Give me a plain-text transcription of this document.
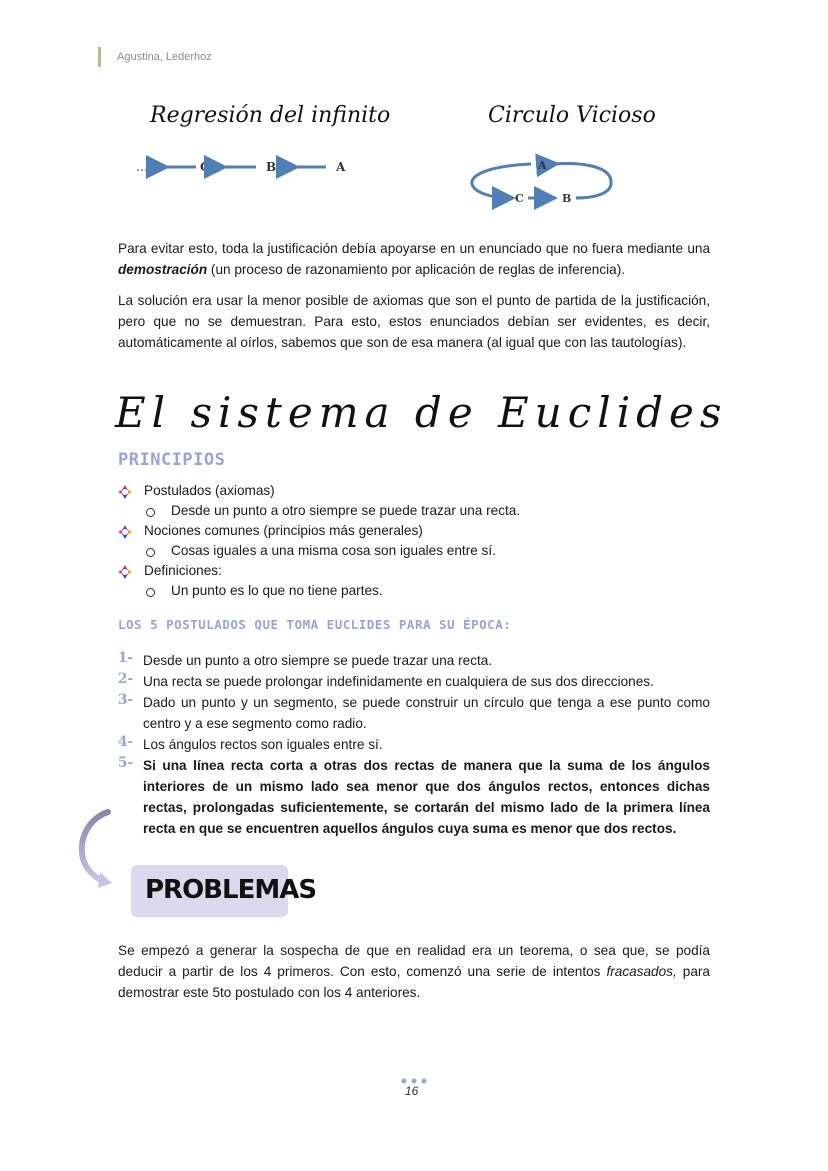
Agustina, Lederhoz
Regresión del infinito	Circulo Vicioso
…	C	B	A	A
C	B
Para evitar esto, toda la justificación debía apoyarse en un enunciado que no fuera mediante una demostración (un proceso de razonamiento por aplicación de reglas de inferencia).
La solución era usar la menor posible de axiomas que son el punto de partida de la justificación, pero que no se demuestran. Para esto, estos enunciados debían ser evidentes, es decir, automáticamente al oírlos, sabemos que son de esa manera (al igual que con las tautologías).
El sistema de Euclides
PRINCIPIOS
Postulados (axiomas)
Desde un punto a otro siempre se puede trazar una recta.
Nociones comunes (principios más generales)
Cosas iguales a una misma cosa son iguales entre sí.
Definiciones:
Un punto es lo que no tiene partes.
LOS 5 POSTULADOS QUE TOMA EUCLIDES PARA SU ÉPOCA:
1- Desde un punto a otro siempre se puede trazar una recta.
2- Una recta se puede prolongar indefinidamente en cualquiera de sus dos direcciones.
3- Dado un punto y un segmento, se puede construir un círculo que tenga a ese punto como centro y a ese segmento como radio.
4- Los ángulos rectos son iguales entre sí.
5- Si una línea recta corta a otras dos rectas de manera que la suma de los ángulos interiores de un mismo lado sea menor que dos ángulos rectos, entonces dichas rectas, prolongadas suficientemente, se cortarán del mismo lado de la primera línea recta en que se encuentren aquellos ángulos cuya suma es menor que dos rectos.
PROBLEMAS
Se empezó a generar la sospecha de que en realidad era un teorema, o sea que, se podía deducir a partir de los 4 primeros. Con esto, comenzó una serie de intentos fracasados, para demostrar este 5to postulado con los 4 anteriores.
16
